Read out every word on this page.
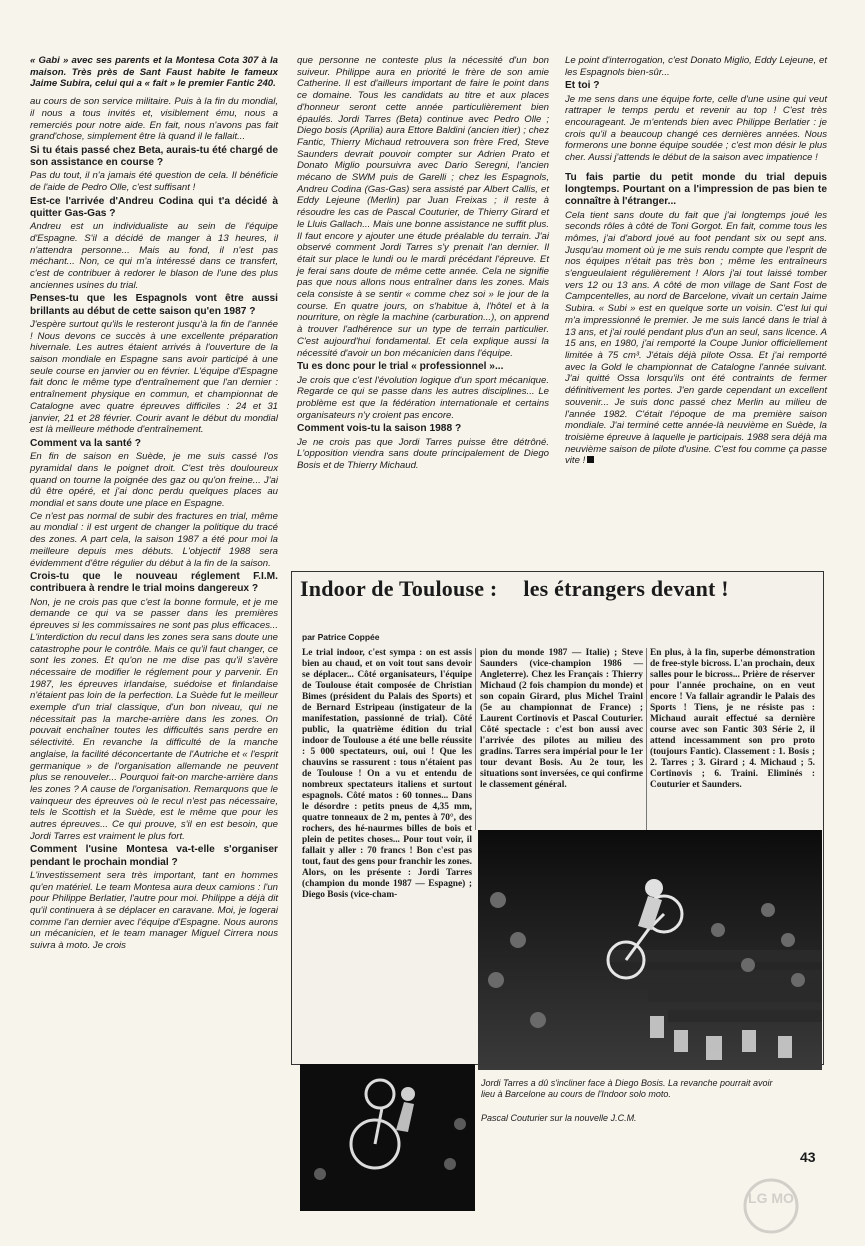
« Gabi » avec ses parents et la Montesa Cota 307 à la maison. Très près de Sant Faust habite le fameux Jaime Subira, celui qui a « fait » le premier Fantic 240.

au cours de son service militaire. Puis à la fin du mondial, il nous a tous invités et, visiblement ému, nous a remerciés pour notre aide. En fait, nous n'avons pas fait grand'chose, simplement être là quand il le fallait...

Si tu étais passé chez Beta, aurais-tu été chargé de son assistance en course ?

Pas du tout, il n'a jamais été question de cela. Il bénéficie de l'aide de Pedro Olle, c'est suffisant !

Est-ce l'arrivée d'Andreu Codina qui t'a décidé à quitter Gas-Gas ?

Andreu est un individualiste au sein de l'équipe d'Espagne. S'il a décidé de manger à 13 heures, il n'attendra personne... Mais au fond, il n'est pas méchant... Non, ce qui m'a intéressé dans ce transfert, c'est de contribuer à redorer le blason de l'une des plus anciennes usines du trial.

Penses-tu que les Espagnols vont être aussi brillants au début de cette saison qu'en 1987 ?

J'espère surtout qu'ils le resteront jusqu'à la fin de l'année ! Nous devons ce succès à une excellente préparation hivernale. Les autres étaient arrivés à l'ouverture de la saison mondiale en Espagne sans avoir participé à une seule course en janvier ou en février. L'équipe d'Espagne fait donc le même type d'entraînement que l'an dernier : entraînement physique en commun, et championnat de Catalogne avec quatre épreuves difficiles : 24 et 31 janvier, 21 et 28 février. Courir avant le début du mondial est là meilleure méthode d'entraînement.

Comment va la santé ?

En fin de saison en Suède, je me suis cassé l'os pyramidal dans le poignet droit. C'est très douloureux quand on tourne la poignée des gaz ou qu'on freine... J'ai dû être opéré, et j'ai donc perdu quelques places au mondial et sans doute une place en Espagne.

Ce n'est pas normal de subir des fractures en trial, même au mondial : il est urgent de changer la politique du tracé des zones. A part cela, la saison 1987 a été pour moi la meilleure depuis mes débuts. L'objectif 1988 sera évidemment d'être régulier du début à la fin de la saison.

Crois-tu que le nouveau réglement F.I.M. contribuera à rendre le trial moins dangereux ?

Non, je ne crois pas que c'est la bonne formule, et je me demande ce qui va se passer dans les premières épreuves si les commissaires ne sont pas plus efficaces... L'interdiction du recul dans les zones sera sans doute une catastrophe pour le contrôle. Mais ce qu'il faut changer, ce sont les zones. Et qu'on ne me dise pas qu'il s'avère nécessaire de modifier le réglement pour y parvenir. En 1987, les épreuves irlandaise, suédoise et finlandaise n'étaient pas loin de la perfection. La Suède fut le meilleur exemple d'un trial classique, d'un bon niveau, qui ne nécessitait pas la marche-arrière dans les zones. On pouvait enchaîner toutes les difficultés sans perdre en sélectivité. En revanche la difficulté de la manche anglaise, la facilité déconcertante de l'Autriche et « l'esprit germanique » de l'organisation allemande ne peuvent plus se renouveler... Pourquoi fait-on marche-arrière dans les zones ? A cause de l'organisation. Remarquons que le vainqueur des épreuves où le recul n'est pas nécessaire, tels le Scottish et la Suède, est le même que pour les autres épreuves... Ce qui prouve, s'il en est besoin, que Jordi Tarres est vraiment le plus fort.

Comment l'usine Montesa va-t-elle s'organiser pendant le prochain mondial ?

L'investissement sera très important, tant en hommes qu'en matériel. Le team Montesa aura deux camions : l'un pour Philippe Berlatier, l'autre pour moi. Philippe a déjà dit qu'il continuera à se déplacer en caravane. Moi, je logerai comme l'an dernier avec l'équipe d'Espagne. Nous aurons un mécanicien, et le team manager Miguel Cirrera nous suivra à moto. Je crois

que personne ne conteste plus la nécessité d'un bon suiveur. Philippe aura en priorité le frère de son amie Catherine. Il est d'ailleurs important de faire le point dans ce domaine. Tous les candidats au titre et aux places d'honneur seront cette année particulièrement bien épaulés. Jordi Tarres (Beta) continue avec Pedro Olle ; Diego bosis (Aprilia) aura Ettore Baldini (ancien itier) ; chez Fantic, Thierry Michaud retrouvera son frère Fred, Steve Saunders devrait pouvoir compter sur Adrien Prato et Donato Miglio poursuivra avec Dario Seregni, l'ancien mécano de SWM puis de Garelli ; chez les Espagnols, Andreu Codina (Gas-Gas) sera assisté par Albert Callis, et Eddy Lejeune (Merlin) par Juan Freixas ; il reste à résoudre les cas de Pascal Couturier, de Thierry Girard et le Lluis Gallach... Mais une bonne assistance ne suffit plus. Il faut encore y ajouter une étude préalable du terrain. J'ai observé comment Jordi Tarres s'y prenait l'an dernier. Il était sur place le lundi ou le mardi précédant l'épreuve. Et je ferai sans doute de même cette année. Cela ne signifie pas que nous allons nous entraîner dans les zones. Mais cela consiste à se sentir « comme chez soi » le jour de la course. En quatre jours, on s'habitue à, l'hôtel et à la nourriture, on règle la machine (carburation...), on apprend à trouver l'adhérence sur un type de terrain particulier. C'est aujourd'hui fondamental. Et cela explique aussi la nécessité d'avoir un bon mécanicien dans l'équipe.

Tu es donc pour le trial « professionnel »...

Je crois que c'est l'évolution logique d'un sport mécanique. Regarde ce qui se passe dans les autres disciplines... Le problème est que la fédération internationale et certains organisateurs n'y croient pas encore.

Comment vois-tu la saison 1988 ?

Je ne crois pas que Jordi Tarres puisse être détrôné. L'opposition viendra sans doute principalement de Diego Bosis et de Thierry Michaud.

Le point d'interrogation, c'est Donato Miglio, Eddy Lejeune, et les Espagnols bien-sûr...

Et toi ?

Je me sens dans une équipe forte, celle d'une usine qui veut rattraper le temps perdu et revenir au top ! C'est très encourageant. Je m'entends bien avec Philippe Berlatier : je crois qu'il a beaucoup changé ces dernières années. Nous formerons une bonne équipe soudée ; c'est mon désir le plus cher. Aussi j'attends le début de la saison avec impatience !

Tu fais partie du petit monde du trial depuis longtemps. Pourtant on a l'impression de pas bien te connaître à l'étranger...

Cela tient sans doute du fait que j'ai longtemps joué les seconds rôles à côté de Toni Gorgot. En fait, comme tous les mômes, j'ai d'abord joué au foot pendant six ou sept ans. Jusqu'au moment où je me suis rendu compte que l'esprit de nos équipes n'était pas très bon ; même les entraîneurs s'engueulaient régulièrement ! Alors j'ai tout laissé tomber vers 12 ou 13 ans. A côté de mon village de Sant Fost de Campcentelles, au nord de Barcelone, vivait un certain Jaime Subira. « Subi » est en quelque sorte un voisin. C'est lui qui m'a impressionné le premier. Je me suis lancé dans le trial à 13 ans, et j'ai roulé pendant plus d'un an seul, sans licence. A 15 ans, en 1980, j'ai remporté la Coupe Junior officiellement limitée à 75 cm³. J'étais déjà pilote Ossa. Et j'ai remporté avec la Gold le championnat de Catalogne l'année suivant. J'ai quitté Ossa lorsqu'ils ont été contraints de fermer définitivement les portes. J'en garde cependant un excellent souvenir... Je suis donc passé chez Merlin au milieu de l'année 1982. C'était l'époque de ma première saison mondiale. J'ai terminé cette année-là neuvième en Suède, la troisième épreuve à laquelle je participais. 1988 sera déjà ma neuvième saison de pilote d'usine. C'est fou comme ça passe vite !

Indoor de Toulouse : les étrangers devant !
par Patrice Coppée
Le trial indoor, c'est sympa : on est assis bien au chaud, et on voit tout sans devoir se déplacer... Côté organisateurs, l'équipe de Toulouse était composée de Christian Bimes (président du Palais des Sports) et de Bernard Estripeau (instigateur de la manifestation, passionné de trial). Côté public, la quatrième édition du trial indoor de Toulouse a été une belle réussite : 5 000 spectateurs, oui, oui ! Que les chauvins se rassurent : tous n'étaient pas de Toulouse ! On a vu et entendu de nombreux spectateurs italiens et surtout espagnols. Côté matos : 60 tonnes... Dans le désordre : petits pneus de 4,35 mm, quatre tonneaux de 2 m, pentes à 70°, des rochers, des hé-naurmes billes de bois et plein de petites choses... Pour tout voir, il fallait y aller : 70 francs ! Bon c'est pas tout, faut des gens pour franchir les zones. Alors, on les présente : Jordi Tarres (champion du monde 1987 — Espagne) ; Diego Bosis (vice-cham-
pion du monde 1987 — Italie) ; Steve Saunders (vice-champion 1986 — Angleterre). Chez les Français : Thierry Michaud (2 fois champion du monde) et son copain Girard, plus Michel Trainl (5e au championnat de France) ; Laurent Cortinovis et Pascal Couturier. Côté spectacle : c'est bon aussi avec l'arrivée des pilotes au milieu des gradins. Tarres sera impérial pour le 1er tour devant Bosis. Au 2e tour, les situations sont inversées, ce qui confirme le classement général.
En plus, à la fin, superbe démonstration de free-style bicross. L'an prochain, deux salles pour le bicross... Prière de réserver pour l'année prochaine, on en veut encore ! Va fallair agrandir le Palais des Sports ! Tiens, je ne résiste pas : Michaud aurait effectué sa dernière course avec son Fantic 303 Série 2, il attend incessamment son pro proto (toujours Fantic). Classement : 1. Bosis ; 2. Tarres ; 3. Girard ; 4. Michaud ; 5. Cortinovis ; 6. Traini. Eliminés : Couturier et Saunders.
LG MO
Jordi Tarres a dû s'incliner face à Diego Bosis. La revanche pourrait avoir lieu à Barcelone au cours de l'Indoor solo moto.
Pascal Couturier sur la nouvelle J.C.M.
43
